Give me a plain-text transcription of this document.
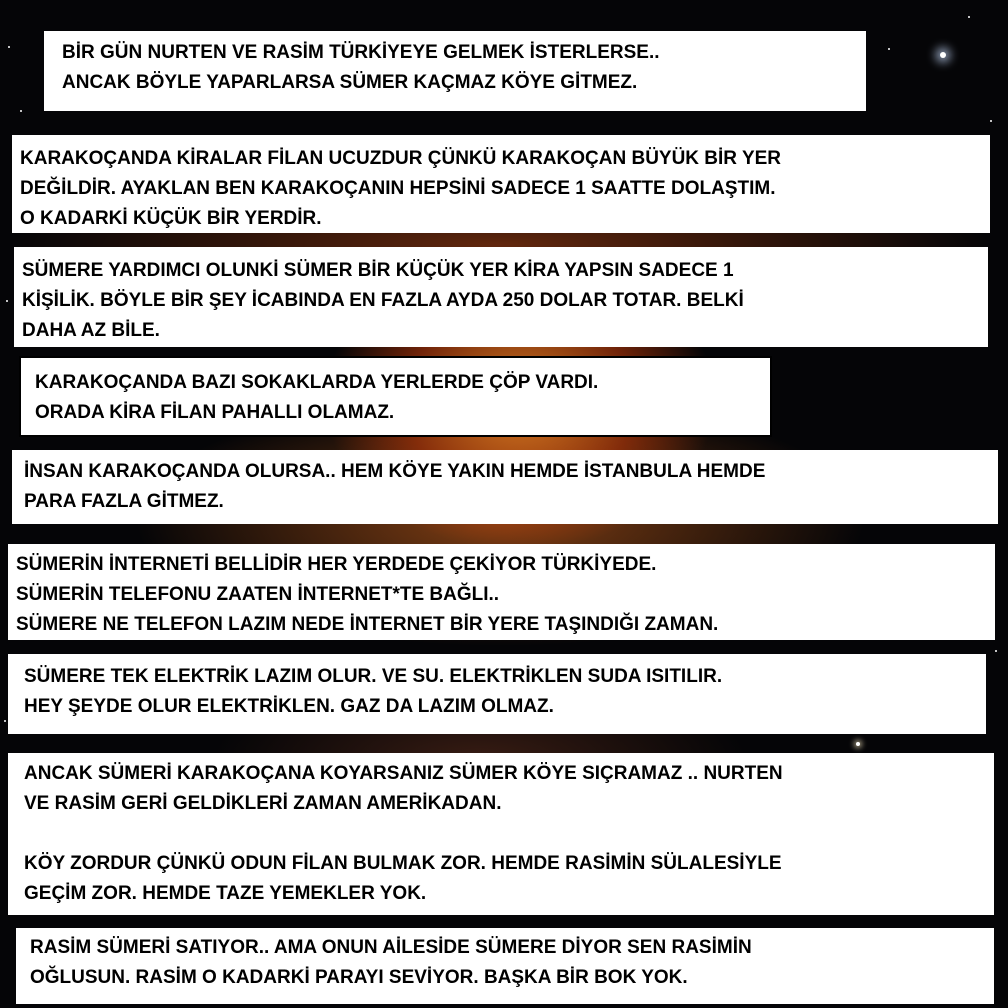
BİR GÜN NURTEN VE RASİM TÜRKİYEYE GELMEK İSTERLERSE..

ANCAK BÖYLE YAPARLARSA SÜMER KAÇMAZ KÖYE GİTMEZ.

KARAKOÇANDA KİRALAR FİLAN UCUZDUR ÇÜNKÜ KARAKOÇAN BÜYÜK BİR YER

DEĞİLDİR. AYAKLAN BEN KARAKOÇANIN HEPSİNİ SADECE 1 SAATTE DOLAŞTIM.

O KADARKİ KÜÇÜK BİR YERDİR.

SÜMERE YARDIMCI OLUNKİ SÜMER BİR KÜÇÜK YER KİRA YAPSIN SADECE 1

KİŞİLİK. BÖYLE BİR ŞEY İCABINDA EN FAZLA AYDA 250 DOLAR TOTAR. BELKİ

DAHA AZ BİLE.

KARAKOÇANDA BAZI SOKAKLARDA YERLERDE ÇÖP VARDI.

ORADA KİRA FİLAN PAHALLI OLAMAZ.

İNSAN KARAKOÇANDA OLURSA.. HEM KÖYE YAKIN HEMDE İSTANBULA HEMDE

PARA FAZLA GİTMEZ.

SÜMERİN İNTERNETİ BELLİDİR HER YERDEDE ÇEKİYOR TÜRKİYEDE.

SÜMERİN TELEFONU ZAATEN İNTERNET*TE BAĞLI..

SÜMERE NE TELEFON LAZIM NEDE İNTERNET BİR YERE TAŞINDIĞI ZAMAN.

SÜMERE TEK ELEKTRİK LAZIM OLUR. VE SU. ELEKTRİKLEN SUDA ISITILIR.

HEY ŞEYDE OLUR ELEKTRİKLEN. GAZ DA LAZIM OLMAZ.

ANCAK SÜMERİ KARAKOÇANA KOYARSANIZ SÜMER KÖYE SIÇRAMAZ .. NURTEN

VE RASİM GERİ GELDİKLERİ ZAMAN AMERİKADAN.

KÖY ZORDUR ÇÜNKÜ ODUN FİLAN BULMAK ZOR. HEMDE RASİMİN SÜLALESİYLE

GEÇİM ZOR. HEMDE TAZE YEMEKLER YOK.

RASİM SÜMERİ SATIYOR.. AMA ONUN AİLESİDE SÜMERE DİYOR SEN RASİMİN

OĞLUSUN. RASİM O KADARKİ PARAYI SEVİYOR. BAŞKA BİR BOK YOK.
